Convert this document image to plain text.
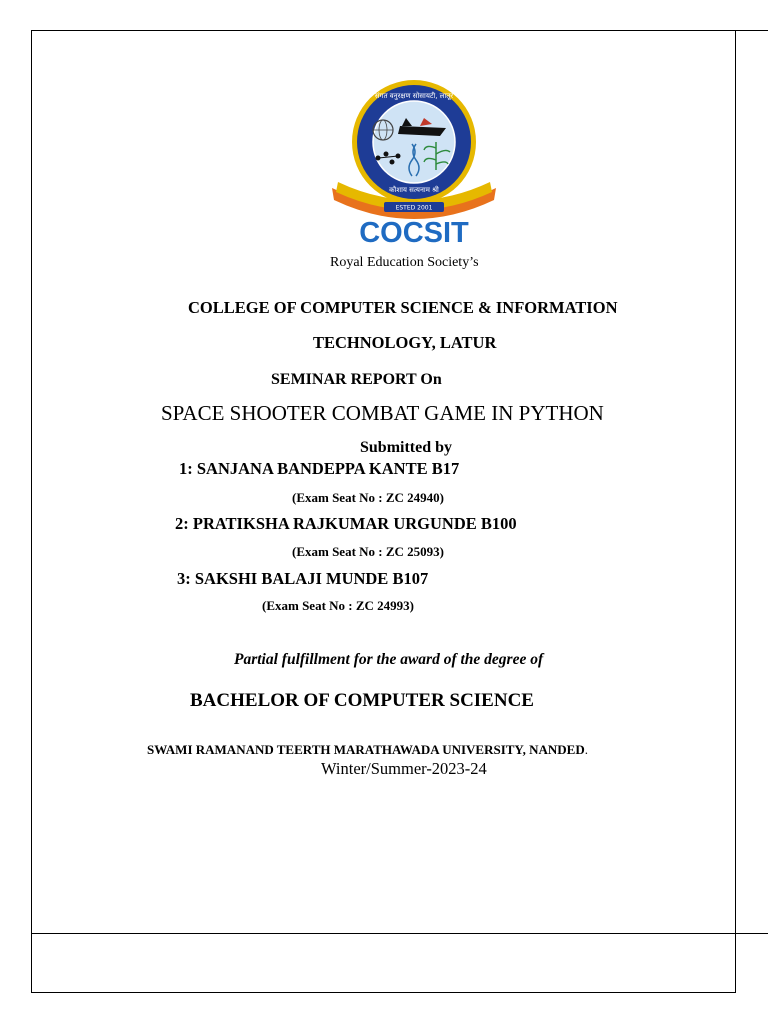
संगत वनुरक्षण सोसायटी, लातूर
कौशाय सत्यनाम श्री
ESTED 2001
COCSIT
Royal Education Society’s
COLLEGE OF COMPUTER SCIENCE & INFORMATION
TECHNOLOGY, LATUR
SEMINAR REPORT On
SPACE SHOOTER COMBAT GAME IN PYTHON
Submitted by
1: SANJANA BANDEPPA KANTE B17
(Exam Seat No : ZC 24940)
2: PRATIKSHA RAJKUMAR URGUNDE B100
(Exam Seat No : ZC 25093)
3: SAKSHI BALAJI MUNDE B107
(Exam Seat No : ZC 24993)
Partial fulfillment for the award of the degree of
BACHELOR OF COMPUTER SCIENCE
SWAMI RAMANAND TEERTH MARATHAWADA UNIVERSITY, NANDED.
Winter/Summer-2023-24
